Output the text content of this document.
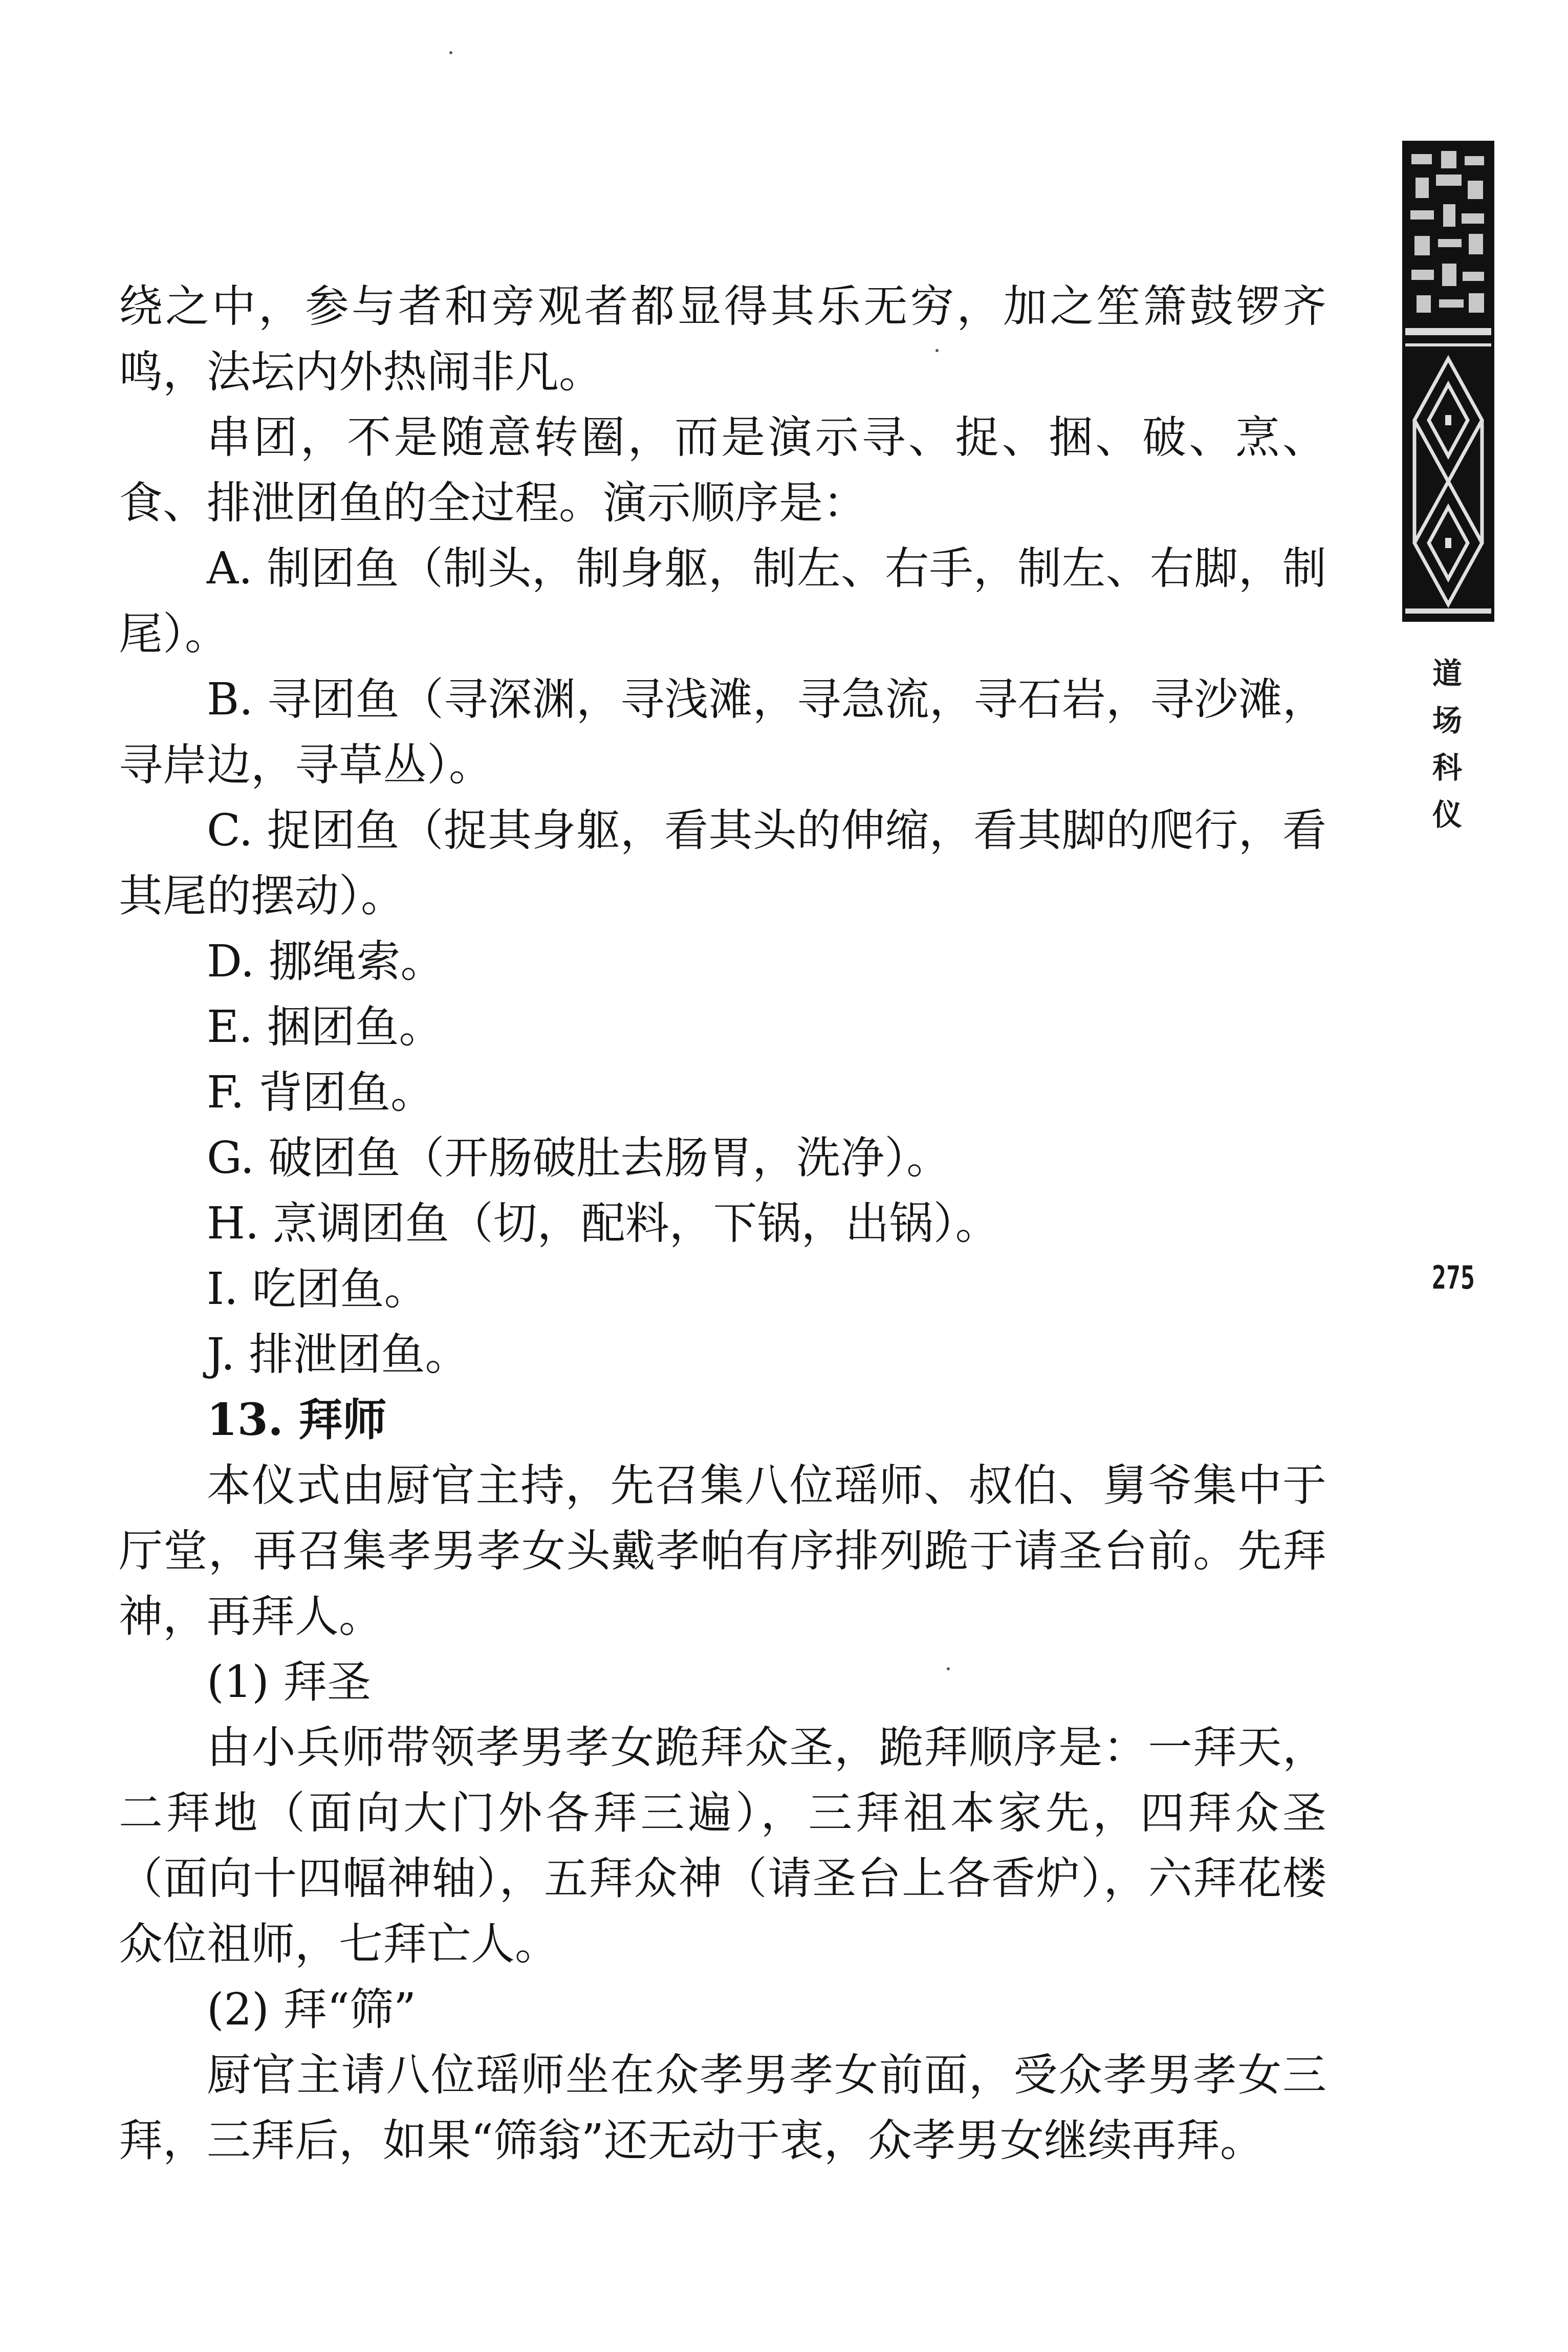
绕之中，参与者和旁观者都显得其乐无穷，加之笙箫鼓锣齐鸣，法坛内外热闹非凡。

串团，不是随意转圈，而是演示寻、捉、捆、破、烹、食、排泄团鱼的全过程。演示顺序是：

A. 制团鱼（制头，制身躯，制左、右手，制左、右脚，制尾）。

B. 寻团鱼（寻深渊，寻浅滩，寻急流，寻石岩，寻沙滩，寻岸边，寻草丛）。

C. 捉团鱼（捉其身躯，看其头的伸缩，看其脚的爬行，看其尾的摆动）。

D. 挪绳索。

E. 捆团鱼。

F. 背团鱼。

G. 破团鱼（开肠破肚去肠胃，洗净）。

H. 烹调团鱼（切，配料，下锅，出锅）。

I. 吃团鱼。

J. 排泄团鱼。

13. 拜师

本仪式由厨官主持，先召集八位瑶师、叔伯、舅爷集中于厅堂，再召集孝男孝女头戴孝帕有序排列跪于请圣台前。先拜神，再拜人。

(1) 拜圣

由小兵师带领孝男孝女跪拜众圣，跪拜顺序是：一拜天，二拜地（面向大门外各拜三遍），三拜祖本家先，四拜众圣（面向十四幅神轴），五拜众神（请圣台上各香炉），六拜花楼众位祖师，七拜亡人。

(2) 拜“筛”

厨官主请八位瑶师坐在众孝男孝女前面，受众孝男孝女三拜，三拜后，如果“筛翁”还无动于衷，众孝男女继续再拜。

道
场
科
仪
275
